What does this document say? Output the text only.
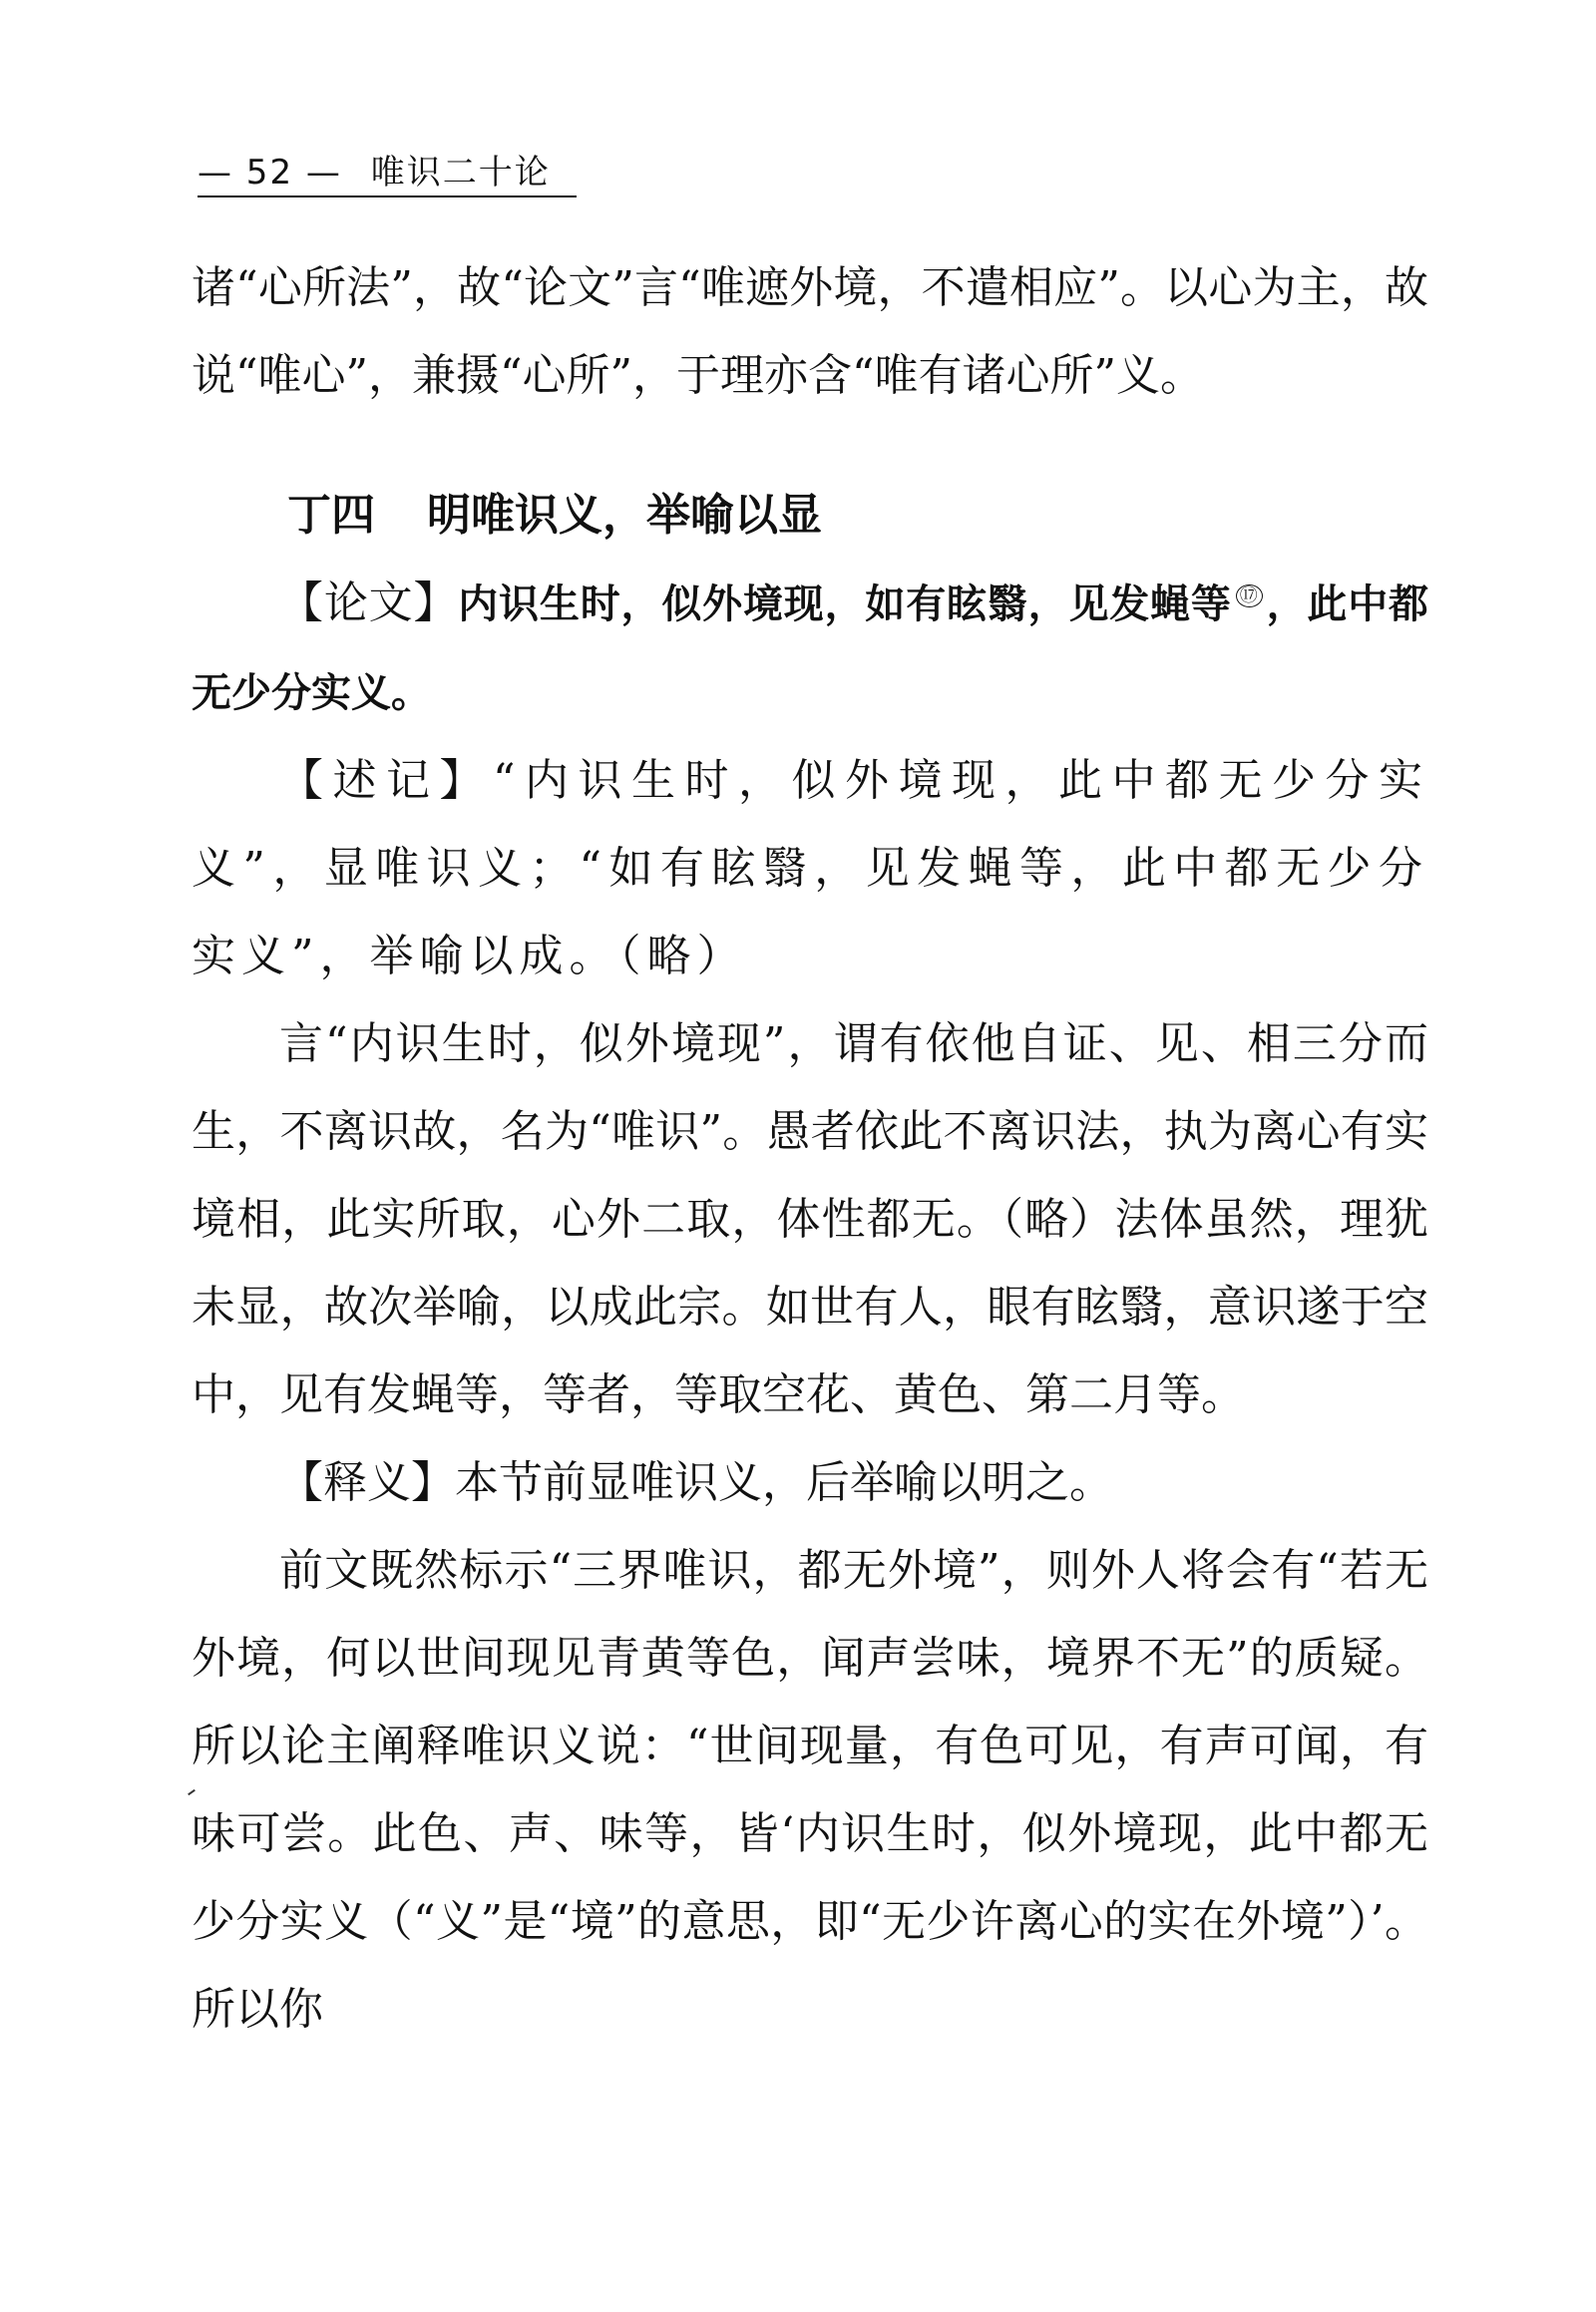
— 52 — 唯识二十论

诸“心所法”，故“论文”言“唯遮外境，不遣相应”。以心为主，故说“唯心”，兼摄“心所”，于理亦含“唯有诸心所”义。

丁四 明唯识义，举喻以显

【论文】内识生时，似外境现，如有眩翳，见发蝇等 ⑰ ，此中都无少分实义。

【述记】“内识生时，似外境现，此中都无少分实义”，显唯识义；“如有眩翳，见发蝇等，此中都无少分实义”，举喻以成。（略）

言“内识生时，似外境现”，谓有依他自证、见、相三分而生，不离识故，名为“唯识”。愚者依此不离识法，执为离心有实境相，此实所取，心外二取，体性都无。（略）法体虽然，理犹未显，故次举喻，以成此宗。如世有人，眼有眩翳，意识遂于空中，见有发蝇等，等者，等取空花、黄色、第二月等。

【释义】本节前显唯识义，后举喻以明之。

前文既然标示“三界唯识，都无外境”，则外人将会有“若无外境，何以世间现见青黄等色，闻声尝味，境界不无”的质疑。所以论主阐释唯识义说：“世间现量，有色可见，有声可闻，有味可尝。此色、声、味等，皆‘内识生时，似外境现，此中都无少分实义（“义”是“境”的意思，即“无少许离心的实在外境”）’。所以你
